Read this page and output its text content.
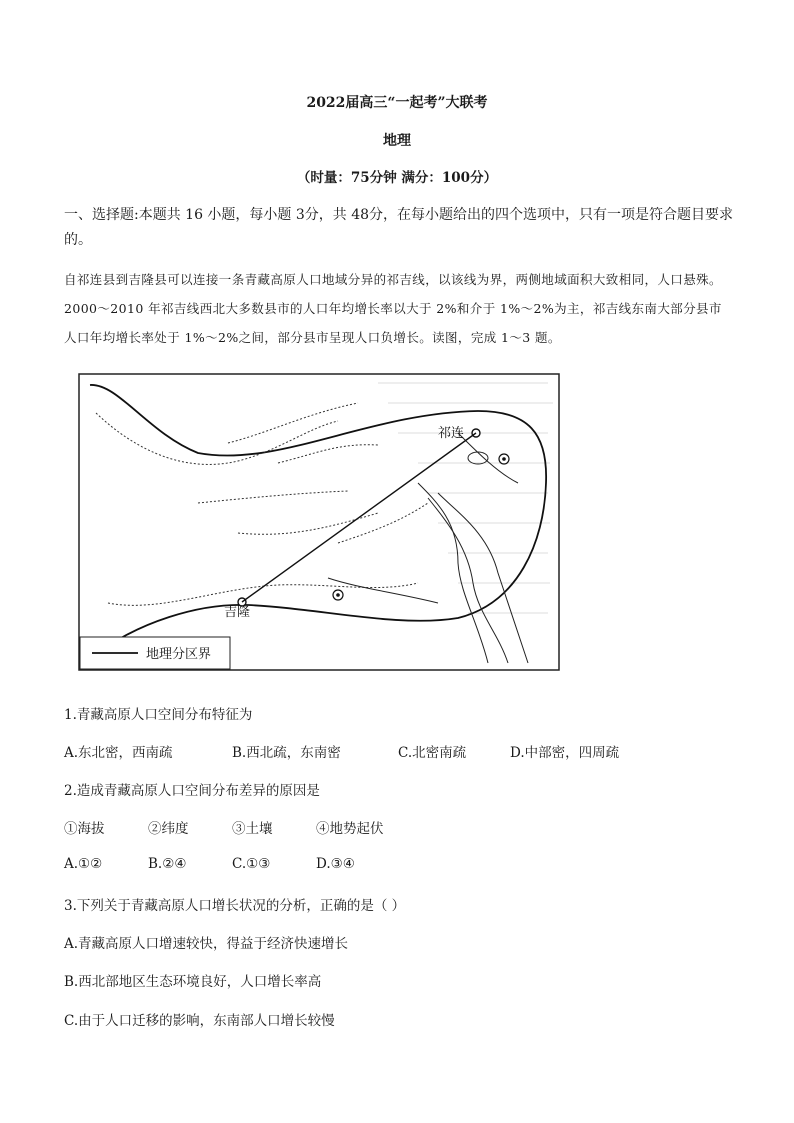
2022届高三“一起考”大联考
地理
（时量：75分钟 满分：100分）
一、选择题:本题共 16 小题，每小题 3分，共 48分，在每小题给出的四个选项中，只有一项是符合题目要求的。
自祁连县到吉隆县可以连接一条青藏高原人口地域分异的祁吉线，以该线为界，两侧地域面积大致相同，人口悬殊。2000～2010 年祁吉线西北大多数县市的人口年均增长率以大于 2%和介于 1%～2%为主，祁吉线东南大部分县市人口年均增长率处于 1%～2%之间，部分县市呈现人口负增长。读图，完成 1～3 题。
祁连
吉隆
地理分区界
1.青藏高原人口空间分布特征为
A.东北密，西南疏	B.西北疏，东南密	C.北密南疏	D.中部密，四周疏
2.造成青藏高原人口空间分布差异的原因是
①海拔	②纬度	③土壤	④地势起伏
A.①②	B.②④	C.①③	D.③④
3.下列关于青藏高原人口增长状况的分析，正确的是（ ）
A.青藏高原人口增速较快，得益于经济快速增长
B.西北部地区生态环境良好，人口增长率高
C.由于人口迁移的影响，东南部人口增长较慢
